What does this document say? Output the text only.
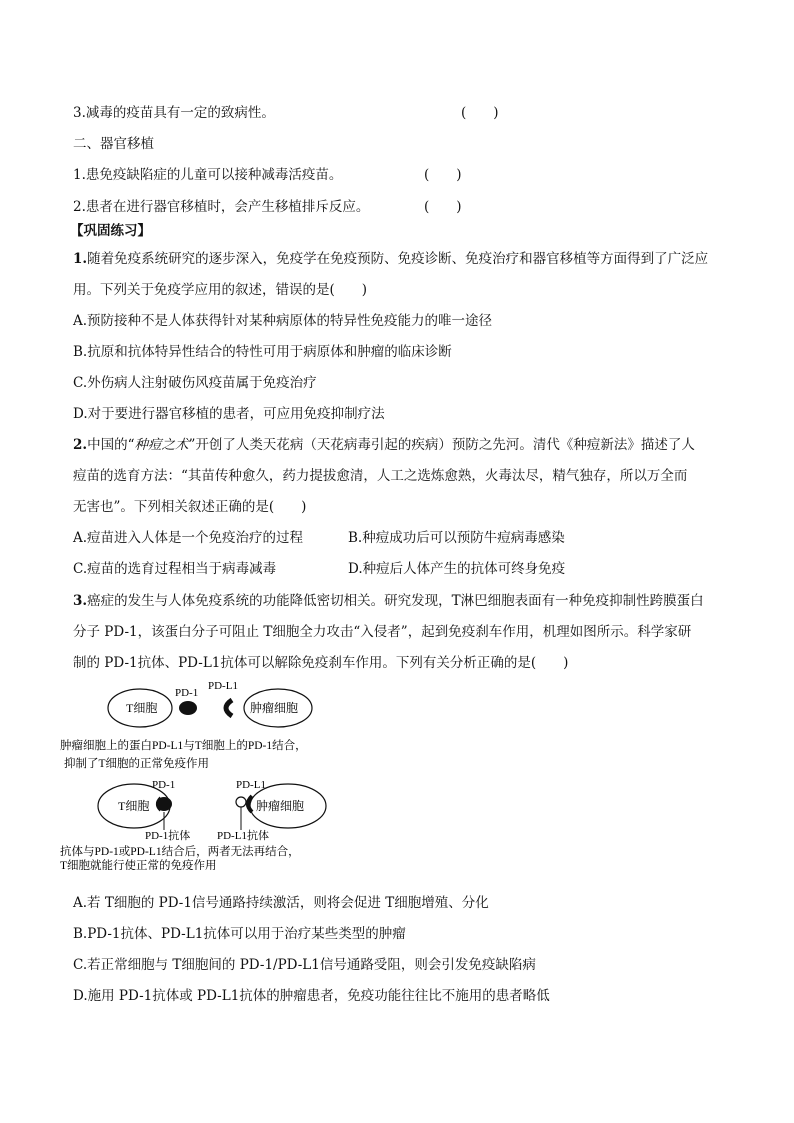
3.减毒的疫苗具有一定的致病性。	(　　)
二、器官移植
1.患免疫缺陷症的儿童可以接种减毒活疫苗。	(　　)
2.患者在进行器官移植时，会产生移植排斥反应。	(　　)
【巩固练习】
1.随着免疫系统研究的逐步深入，免疫学在免疫预防、免疫诊断、免疫治疗和器官移植等方面得到了广泛应
用。下列关于免疫学应用的叙述，错误的是(　　)
A.预防接种不是人体获得针对某种病原体的特异性免疫能力的唯一途径
B.抗原和抗体特异性结合的特性可用于病原体和肿瘤的临床诊断
C.外伤病人注射破伤风疫苗属于免疫治疗
D.对于要进行器官移植的患者，可应用免疫抑制疗法
2.中国的“种痘之术”开创了人类天花病（天花病毒引起的疾病）预防之先河。清代《种痘新法》描述了人
痘苗的选育方法：“其苗传种愈久，药力提拔愈清，人工之选炼愈熟，火毒汰尽，精气独存，所以万全而
无害也”。下列相关叙述正确的是(　　)
A.痘苗进入人体是一个免疫治疗的过程	B.种痘成功后可以预防牛痘病毒感染
C.痘苗的选育过程相当于病毒减毒	D.种痘后人体产生的抗体可终身免疫
3.癌症的发生与人体免疫系统的功能降低密切相关。研究发现，T淋巴细胞表面有一种免疫抑制性跨膜蛋白
分子 PD-1，该蛋白分子可阻止 T细胞全力攻击“入侵者”，起到免疫刹车作用，机理如图所示。科学家研
制的 PD-1抗体、PD-L1抗体可以解除免疫刹车作用。下列有关分析正确的是(　　)
PD-1
PD-L1
T细胞	肿瘤细胞
肿瘤细胞上的蛋白PD-L1与T细胞上的PD-1结合，
抑制了T细胞的正常免疫作用
PD-1	PD-L1
T细胞	肿瘤细胞
PD-1抗体 PD-L1抗体
抗体与PD-1或PD-L1结合后，两者无法再结合，
T细胞就能行使正常的免疫作用
A.若 T细胞的 PD-1信号通路持续激活，则将会促进 T细胞增殖、分化
B.PD-1抗体、PD-L1抗体可以用于治疗某些类型的肿瘤
C.若正常细胞与 T细胞间的 PD-1/PD-L1信号通路受阻，则会引发免疫缺陷病
D.施用 PD-1抗体或 PD-L1抗体的肿瘤患者，免疫功能往往比不施用的患者略低
